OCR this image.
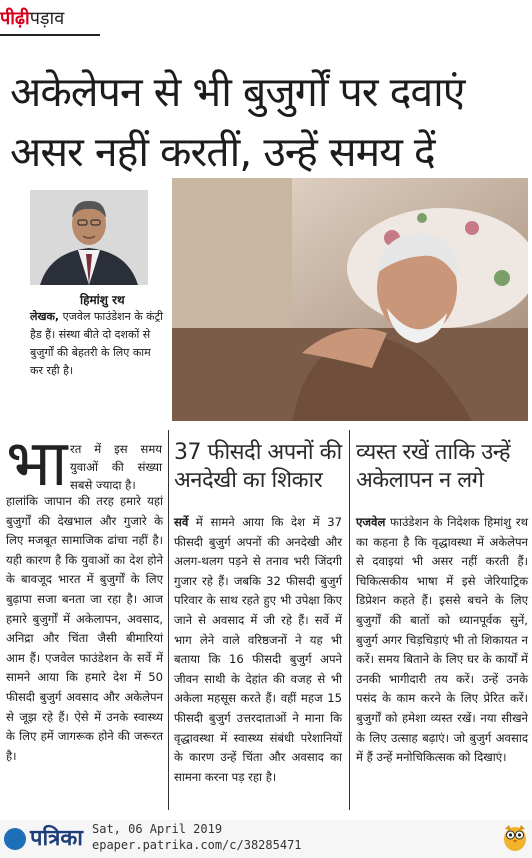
पीढ़ीपड़ाव
अकेलेपन से भी बुजुर्गों पर दवाएं
असर नहीं करतीं, उन्हें समय दें
हिमांशु रथ
लेखक, एजवेल फाउंडेशन के कंट्री हैड हैं। संस्था बीते दो दशकों से बुजुर्गों की बेहतरी के लिए काम कर रही है।
भा रत में इस समय युवाओं की संख्या सबसे ज्यादा है।
हालांकि जापान की तरह हमारे यहां बुजुर्गों की देखभाल और गुजारे के लिए मजबूत सामाजिक ढांचा नहीं है। यही कारण है कि युवाओं का देश होने के बावजूद भारत में बुजुर्गों के लिए बुढ़ापा सजा बनता जा रहा है। आज हमारे बुजुर्गों में अकेलापन, अवसाद, अनिद्रा और चिंता जैसी बीमारियां आम हैं। एजवेल फाउंडेशन के सर्वे में सामने आया कि हमारे देश में 50 फीसदी बुजुर्ग अवसाद और अकेलेपन से जूझ रहे हैं। ऐसे में उनके स्वास्थ्य के लिए हमें जागरूक होने की जरूरत है।
37 फीसदी अपनों की अनदेखी का शिकार
सर्वे में सामने आया कि देश में 37 फीसदी बुजुर्ग अपनों की अनदेखी और अलग-थलग पड़ने से तनाव भरी जिंदगी गुजार रहे हैं। जबकि 32 फीसदी बुजुर्ग परिवार के साथ रहते हुए भी उपेक्षा किए जाने से अवसाद में जी रहे हैं। सर्वे में भाग लेने वाले वरिष्ठजनों ने यह भी बताया कि 16 फीसदी बुजुर्ग अपने जीवन साथी के देहांत की वजह से भी अकेला महसूस करते हैं। वहीं महज 15 फीसदी बुजुर्ग उत्तरदाताओं ने माना कि वृद्धावस्था में स्वास्थ्य संबंधी परेशानियों के कारण उन्हें चिंता और अवसाद का सामना करना पड़ रहा है।
व्यस्त रखें ताकि उन्हें अकेलापन न लगे
एजवेल फाउंडेशन के निदेशक हिमांशु रथ का कहना है कि वृद्धावस्था में अकेलेपन से दवाइयां भी असर नहीं करती हैं। चिकित्सकीय भाषा में इसे जेरियाट्रिक डिप्रेशन कहते हैं। इससे बचने के लिए बुजुर्गों की बातों को ध्यानपूर्वक सुनें, बुजुर्ग अगर चिड़चिड़ाएं भी तो शिकायत न करें। समय बिताने के लिए घर के कार्यों में उनकी भागीदारी तय करें। उन्हें उनके पसंद के काम करने के लिए प्रेरित करें। बुजुर्गों को हमेशा व्यस्त रखें। नया सीखने के लिए उत्साह बढ़ाएं। जो बुजुर्ग अवसाद में हैं उन्हें मनोचिकित्सक को दिखाएं।
पत्रिका Sat, 06 April 2019
epaper.patrika.com/c/38285471
